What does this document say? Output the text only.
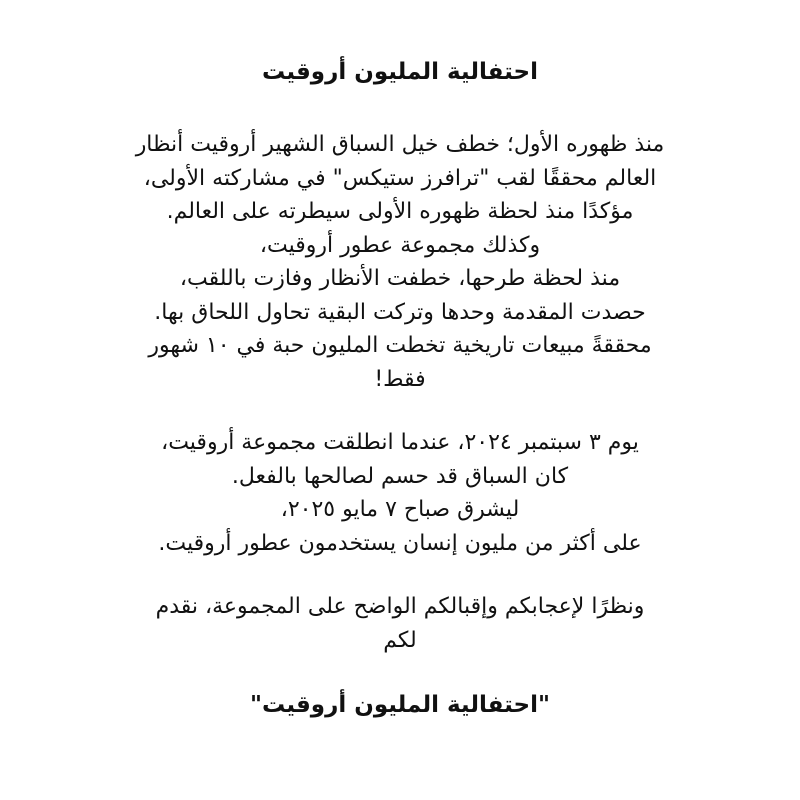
احتفالية المليون أروقيت
منذ ظهوره الأول؛ خطف خيل السباق الشهير أروقيت أنظار
العالم محققًا لقب "ترافرز ستيكس" في مشاركته الأولى،
مؤكدًا منذ لحظة ظهوره الأولى سيطرته على العالم.
وكذلك مجموعة عطور أروقيت،
منذ لحظة طرحها، خطفت الأنظار وفازت باللقب،
حصدت المقدمة وحدها وتركت البقية تحاول اللحاق بها.
محققةً مبيعات تاريخية تخطت المليون حبة في ١٠ شهور
فقط!
يوم ٣ سبتمبر ٢٠٢٤، عندما انطلقت مجموعة أروقيت،
كان السباق قد حسم لصالحها بالفعل.
ليشرق صباح ٧ مايو ٢٠٢٥،
على أكثر من مليون إنسان يستخدمون عطور أروقيت.
ونظرًا لإعجابكم وإقبالكم الواضح على المجموعة، نقدم
لكم
"احتفالية المليون أروقيت"
